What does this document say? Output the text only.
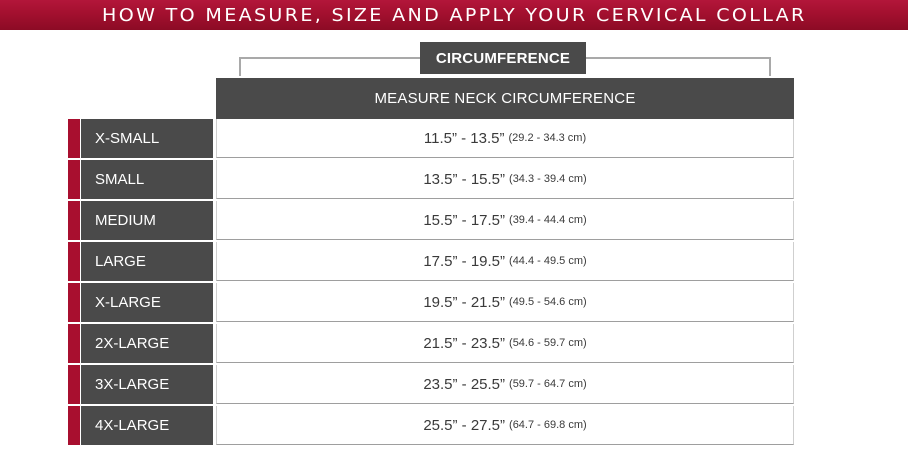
HOW TO MEASURE, SIZE AND APPLY YOUR CERVICAL COLLAR
CIRCUMFERENCE
MEASURE NECK CIRCUMFERENCE
X-SMALL	11.5” - 13.5” (29.2 - 34.3 cm)
SMALL	13.5” - 15.5” (34.3 - 39.4 cm)
MEDIUM	15.5” - 17.5” (39.4 - 44.4 cm)
LARGE	17.5” - 19.5” (44.4 - 49.5 cm)
X-LARGE	19.5” - 21.5” (49.5 - 54.6 cm)
2X-LARGE	21.5” - 23.5” (54.6 - 59.7 cm)
3X-LARGE	23.5” - 25.5” (59.7 - 64.7 cm)
4X-LARGE	25.5” - 27.5” (64.7 - 69.8 cm)
